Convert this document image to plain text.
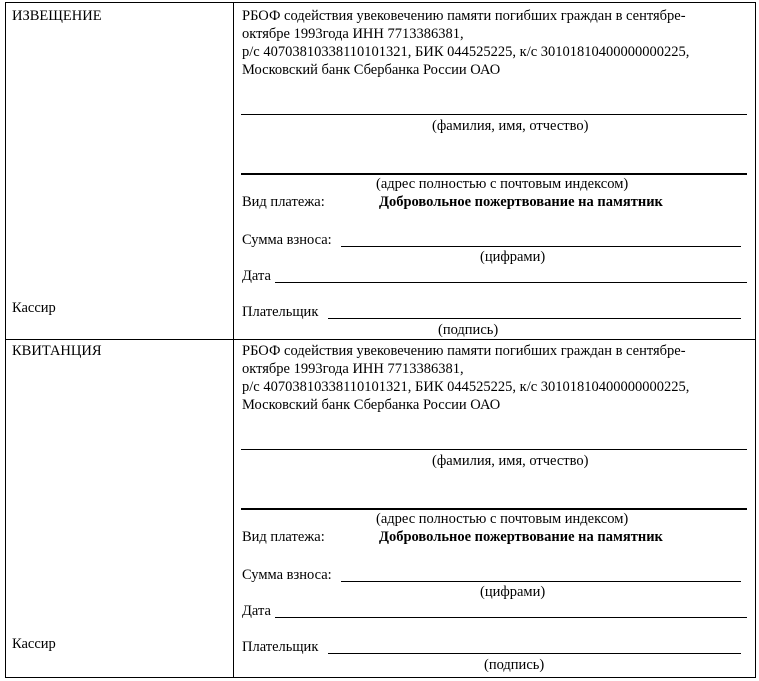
ИЗВЕЩЕНИЕ
Кассир
РБОФ содействия увековечению памяти погибших граждан в сентябре-
октябре 1993года ИНН 7713386381,
р/с 40703810338110101321, БИК 044525225, к/с 30101810400000000225,
Московский банк Сбербанка России ОАО
(фамилия, имя, отчество)
(адрес полностью с почтовым индексом)
Вид платежа:	Добровольное пожертвование на памятник
Сумма взноса:
(цифрами)
Дата
Плательщик
(подпись)
КВИТАНЦИЯ
Кассир
РБОФ содействия увековечению памяти погибших граждан в сентябре-
октябре 1993года ИНН 7713386381,
р/с 40703810338110101321, БИК 044525225, к/с 30101810400000000225,
Московский банк Сбербанка России ОАО
(фамилия, имя, отчество)
(адрес полностью с почтовым индексом)
Вид платежа:	Добровольное пожертвование на памятник
Сумма взноса:
(цифрами)
Дата
Плательщик
(подпись)
